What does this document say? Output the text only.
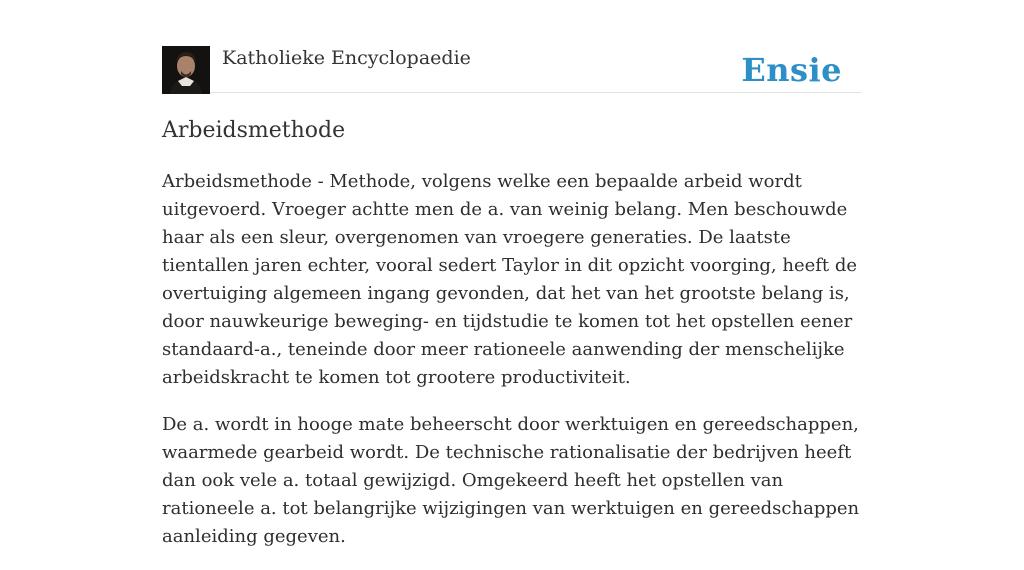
Katholieke Encyclopaedie	Ensie
Arbeidsmethode

Arbeidsmethode - Methode, volgens welke een bepaalde arbeid wordt uitgevoerd. Vroeger achtte men de a. van weinig belang. Men beschouwde haar als een sleur, overgenomen van vroegere generaties. De laatste tientallen jaren echter, vooral sedert Taylor in dit opzicht voorging, heeft de overtuiging algemeen ingang gevonden, dat het van het grootste belang is, door nauwkeurige beweging- en tijdstudie te komen tot het opstellen eener standaard-a., teneinde door meer rationeele aanwending der menschelijke arbeidskracht te komen tot grootere productiviteit.

De a. wordt in hooge mate beheerscht door werktuigen en gereedschappen, waarmede gearbeid wordt. De technische rationalisatie der bedrijven heeft dan ook vele a. totaal gewijzigd. Omgekeerd heeft het opstellen van rationeele a. tot belangrijke wijzigingen van werktuigen en gereedschappen aanleiding gegeven.
